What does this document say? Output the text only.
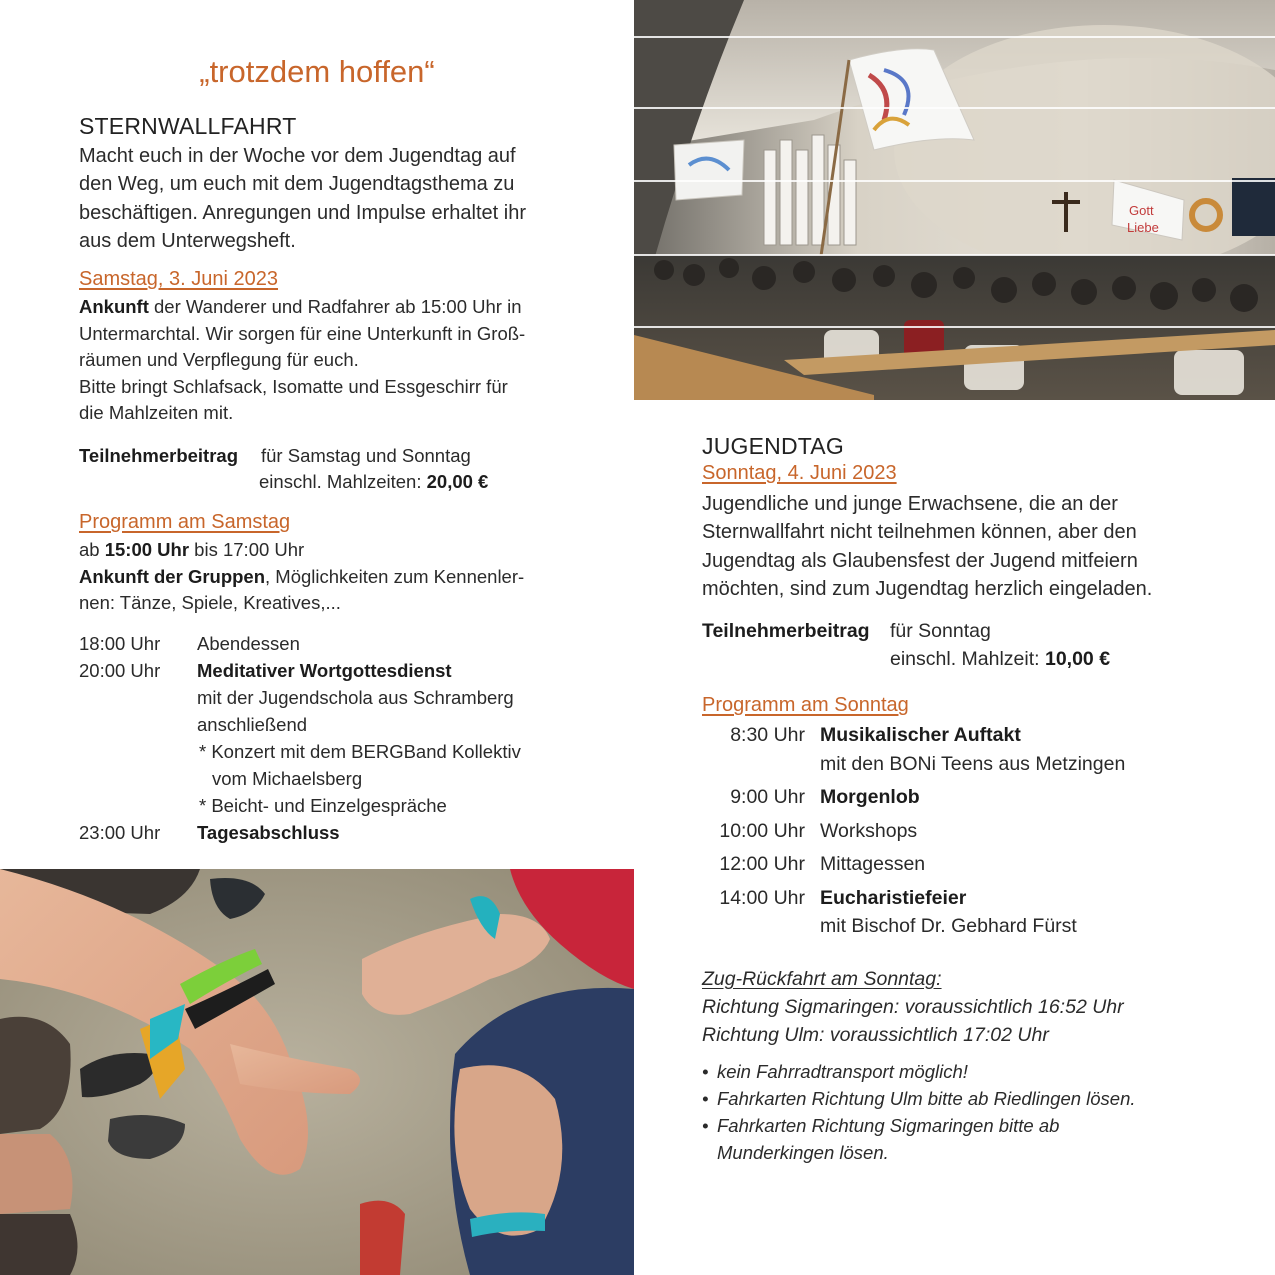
„trotzdem hoffen“
STERNWALLFAHRT
Macht euch in der Woche vor dem Jugendtag auf
den Weg, um euch mit dem Jugendtagsthema zu
beschäftigen. Anregungen und Impulse erhaltet ihr
aus dem Unterwegsheft.
Samstag, 3. Juni 2023
Ankunft der Wanderer und Radfahrer ab 15:00 Uhr in
Untermarchtal. Wir sorgen für eine Unterkunft in Groß-
räumen und Verpflegung für euch.
Bitte bringt Schlafsack, Isomatte und Essgeschirr für
die Mahlzeiten mit.
Teilnehmerbeitrag	für Samstag und Sonntag
einschl. Mahlzeiten: 20,00 €
Programm am Samstag
ab 15:00 Uhr bis 17:00 Uhr
Ankunft der Gruppen, Möglichkeiten zum Kennenler-
nen: Tänze, Spiele, Kreatives,...
18:00 Uhr	Abendessen
20:00 Uhr	Meditativer Wortgottesdienst
mit der Jugendschola aus Schramberg
anschließend
* Konzert mit dem BERGBand Kollektiv
vom Michaelsberg
* Beicht- und Einzelgespräche
23:00 Uhr	Tagesabschluss
Gott
Liebe
JUGENDTAG
Sonntag, 4. Juni 2023
Jugendliche und junge Erwachsene, die an der
Sternwallfahrt nicht teilnehmen können, aber den
Jugendtag als Glaubensfest der Jugend mitfeiern
möchten, sind zum Jugendtag herzlich eingeladen.
Teilnehmerbeitrag	für Sonntag
einschl. Mahlzeit: 10,00 €
Programm am Sonntag
8:30 Uhr Musikalischer Auftakt
mit den BONi Teens aus Metzingen
9:00 Uhr Morgenlob
10:00 Uhr Workshops
12:00 Uhr Mittagessen
14:00 Uhr Eucharistiefeier
mit Bischof Dr. Gebhard Fürst
Zug-Rückfahrt am Sonntag:
Richtung Sigmaringen: voraussichtlich 16:52 Uhr
Richtung Ulm: voraussichtlich 17:02 Uhr
• kein Fahrradtransport möglich!
• Fahrkarten Richtung Ulm bitte ab Riedlingen lösen.
• Fahrkarten Richtung Sigmaringen bitte ab
Munderkingen lösen.
